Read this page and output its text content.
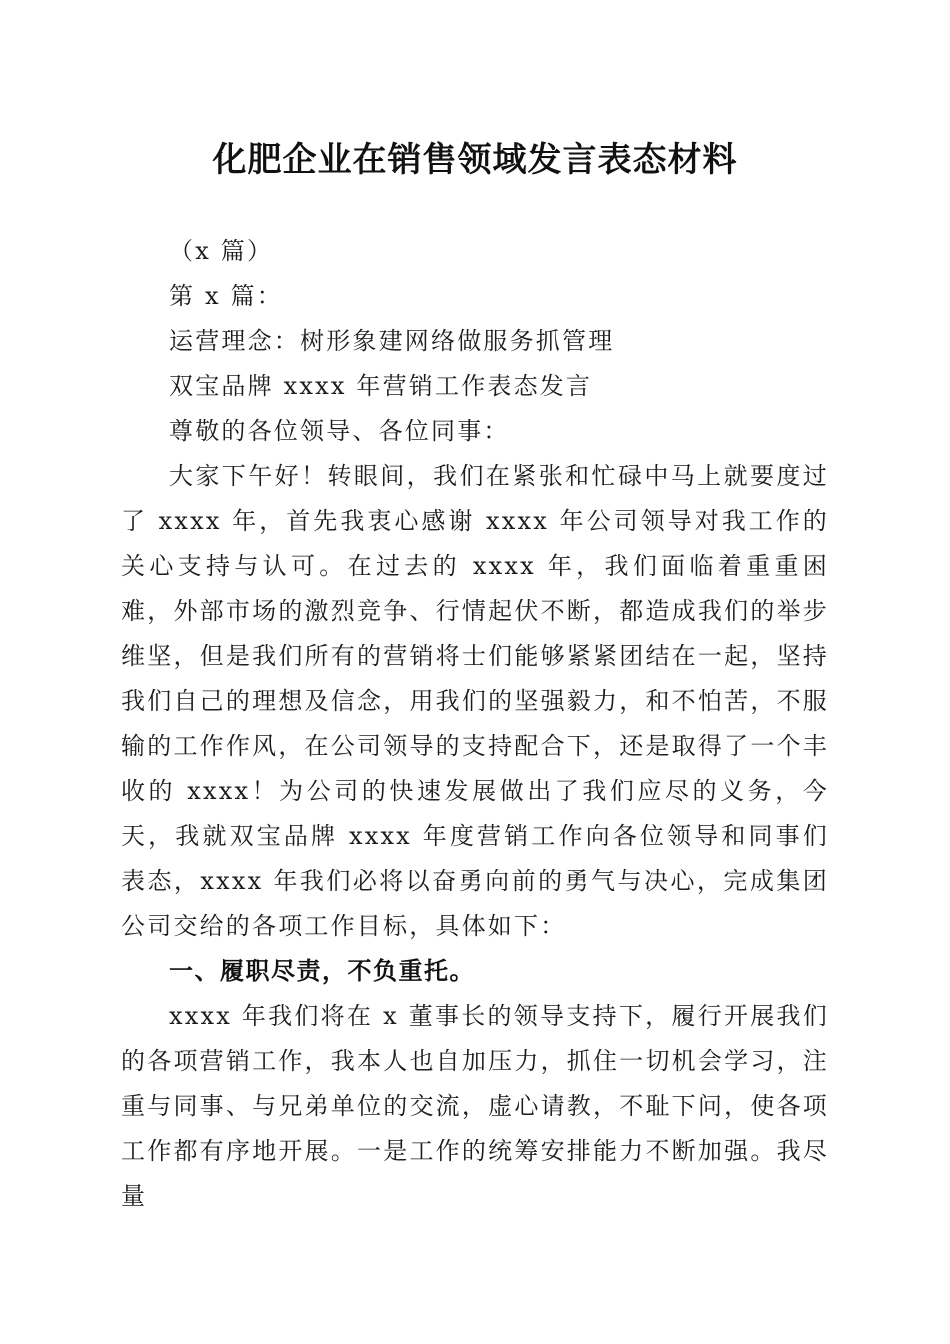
化肥企业在销售领域发言表态材料

（x 篇）

第 x 篇：

运营理念：树形象建网络做服务抓管理

双宝品牌 xxxx 年营销工作表态发言

尊敬的各位领导、各位同事：

大家下午好！转眼间，我们在紧张和忙碌中马上就要度过了 xxxx 年，首先我衷心感谢 xxxx 年公司领导对我工作的关心支持与认可。在过去的 xxxx 年，我们面临着重重困难，外部市场的激烈竞争、行情起伏不断，都造成我们的举步维坚，但是我们所有的营销将士们能够紧紧团结在一起，坚持我们自己的理想及信念，用我们的坚强毅力，和不怕苦，不服输的工作作风，在公司领导的支持配合下，还是取得了一个丰收的 xxxx！为公司的快速发展做出了我们应尽的义务，今天，我就双宝品牌 xxxx 年度营销工作向各位领导和同事们表态，xxxx 年我们必将以奋勇向前的勇气与决心，完成集团公司交给的各项工作目标，具体如下：

一、履职尽责，不负重托。

xxxx 年我们将在 x 董事长的领导支持下，履行开展我们的各项营销工作，我本人也自加压力，抓住一切机会学习，注重与同事、与兄弟单位的交流，虚心请教，不耻下问，使各项工作都有序地开展。一是工作的统筹安排能力不断加强。我尽量
